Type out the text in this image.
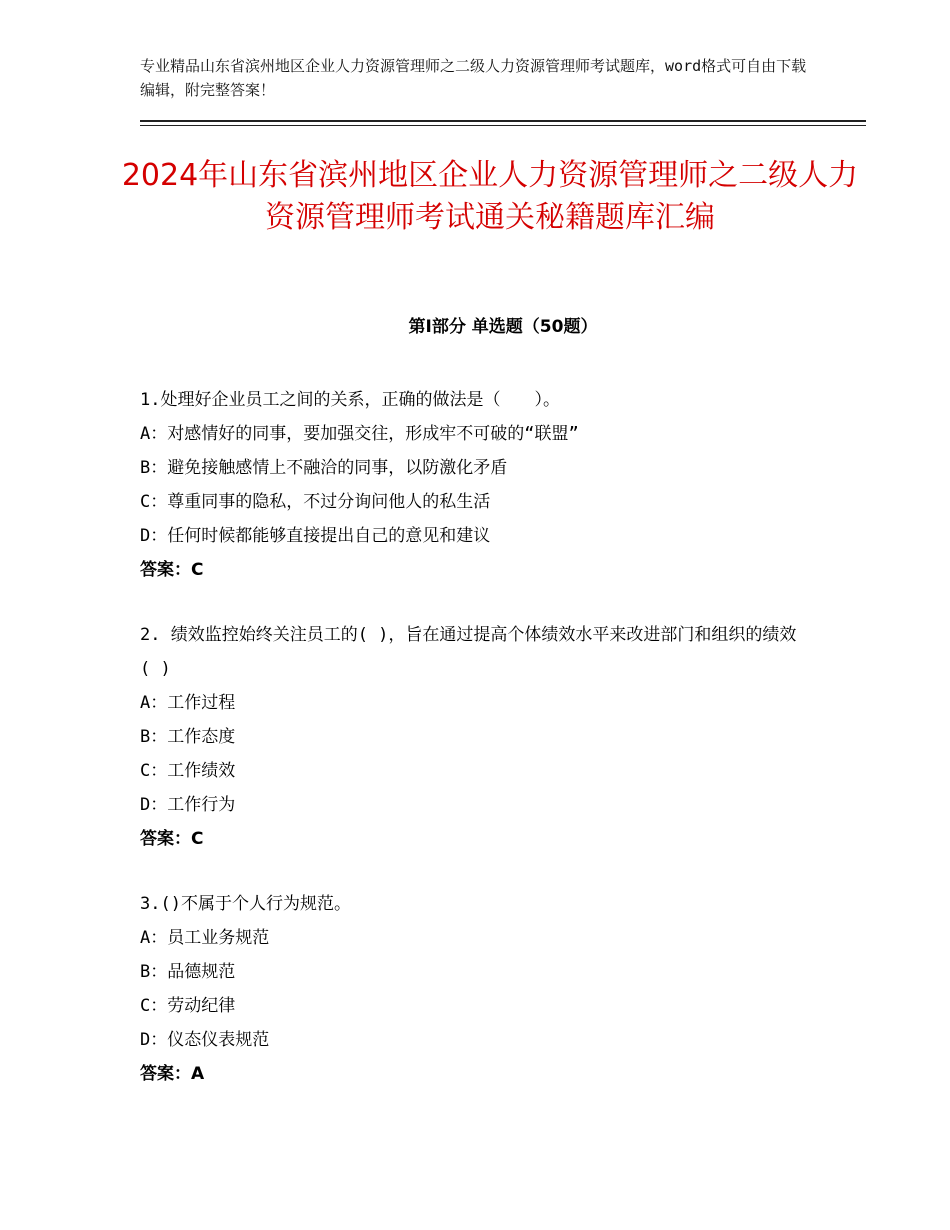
专业精品山东省滨州地区企业人力资源管理师之二级人力资源管理师考试题库，word格式可自由下载编辑，附完整答案！
2024年山东省滨州地区企业人力资源管理师之二级人力资源管理师考试通关秘籍题库汇编
第Ⅰ部分 单选题（50题）

1.处理好企业员工之间的关系，正确的做法是（　　）。

A：对感情好的同事，要加强交往，形成牢不可破的“联盟”

B：避免接触感情上不融洽的同事，以防激化矛盾

C：尊重同事的隐私，不过分询问他人的私生活

D：任何时候都能够直接提出自己的意见和建议

答案：C

2. 绩效监控始终关注员工的( )，旨在通过提高个体绩效水平来改进部门和组织的绩效( )

A：工作过程

B：工作态度

C：工作绩效

D：工作行为

答案：C

3.()不属于个人行为规范。

A：员工业务规范

B：品德规范

C：劳动纪律

D：仪态仪表规范

答案：A
